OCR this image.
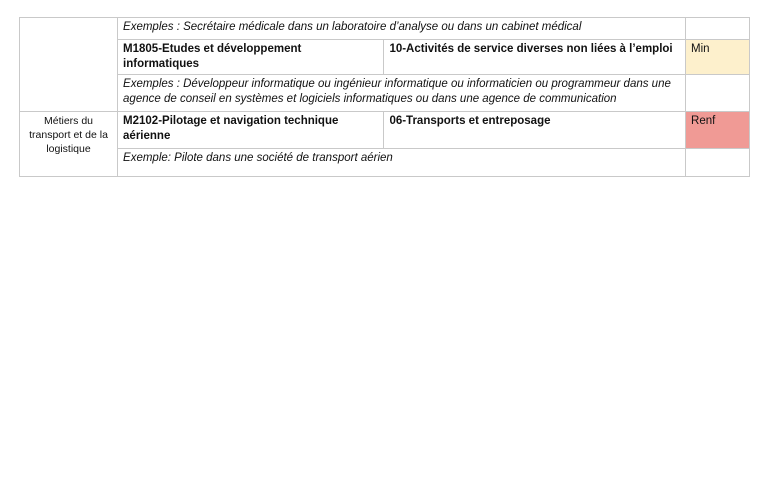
	Exemples : Secrétaire médicale dans un laboratoire d’analyse ou dans un cabinet médical		
	M1805-Etudes et développement informatiques	10-Activités de service diverses non liées à l’emploi	Min
	Exemples : Développeur informatique ou ingénieur informatique ou informaticien ou programmeur dans une agence de conseil en systèmes et logiciels informatiques ou dans une agence de communication		
Métiers du transport et de la logistique	M2102-Pilotage et navigation technique aérienne	06-Transports et entreposage	Renf
	Exemple: Pilote dans une société de transport aérien		
